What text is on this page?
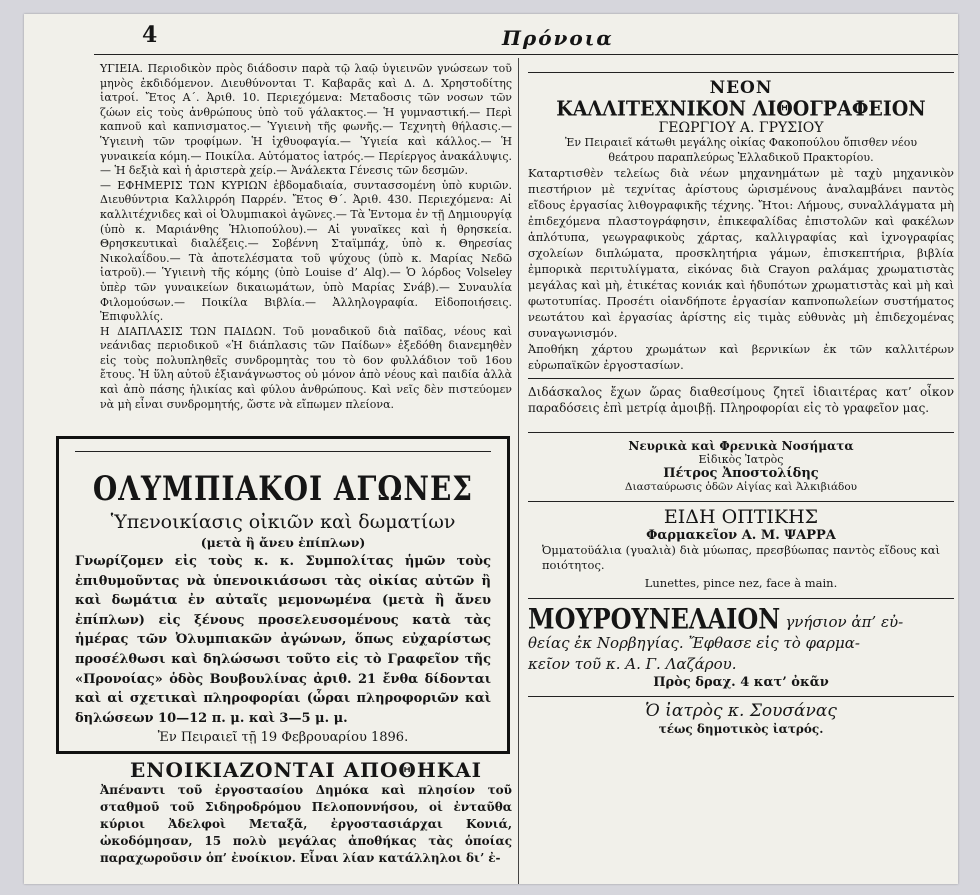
4	Πρόνοια

ΥΓΙΕΙΑ. Περιοδικὸν πρὸς διάδοσιν παρὰ τῷ λαῷ ὑγιεινῶν γνώσεων τοῦ μηνὸς ἐκδιδόμενον. Διευθύνονται Τ. Καβαρᾶς καὶ Δ. Δ. Χρηστοδίτης ἰατροί. Ἔτος Α΄. Ἀριθ. 10. Περιεχόμενα: Μεταδοσις τῶν νοσων τῶν ζώων εἰς τοὺς ἀνθρώπους ὑπὸ τοῦ γάλακτος.— Ἡ γυμναστική.— Περὶ καπνοῦ καὶ καπνισματος.— Ὑγιεινὴ τῆς φωνῆς.— Τεχνητὴ θήλασις.— Ὑγιεινὴ τῶν τροφίμων. Ἡ ἰχθυοφαγία.— Ὑγιεία καὶ κάλλος.— Ἡ γυναικεία κόμη.— Ποικίλα. Αὐτόματος ἰατρός.— Περίεργος ἀνακάλυψις.— Ἡ δεξιὰ καὶ ἡ ἀριστερὰ χείρ.— Ἀνάλεκτα Γένεσις τῶν δεσμῶν.

— ΕΦΗΜΕΡΙΣ ΤΩΝ ΚΥΡΙΩΝ ἑβδομαδιαία, συντασσομένη ὑπὸ κυριῶν. Διευθύντρια Καλλιρρόη Παρρέν. Ἔτος Θ΄. Ἀριθ. 430. Περιεχόμενα: Αἱ καλλιτέχνιδες καὶ οἱ Ὀλυμπιακοὶ ἀγῶνες.— Τὰ Ἐντομα ἐν τῇ Δημιουργίᾳ (ὑπὸ κ. Μαριάνθης Ἡλιοπούλου).— Αἱ γυναῖκες καὶ ἡ θρησκεία. Θρησκευτικαὶ διαλέξεις.— Σοβέννη Σταϊμπάχ, ὑπὸ κ. Θηρεσίας Νικολαΐδου.— Τὰ ἀποτελέσματα τοῦ ψύχους (ὑπὸ κ. Μαρίας Νεδῶ ἰατροῦ).— Ὑγιεινὴ τῆς κόμης (ὑπὸ Louise d’ Alq).— Ὁ λόρδος Volseley ὑπὲρ τῶν γυναικείων δικαιωμάτων, ὑπὸ Μαρίας Σνάβ).— Συναυλία Φιλομούσων.— Ποικίλα Βιβλία.— Ἀλληλογραφία. Εἰδοποιήσεις. Ἐπιφυλλίς.

Η ΔΙΑΠΛΑΣΙΣ ΤΩΝ ΠΑΙΔΩΝ. Τοῦ μοναδικοῦ διὰ παῖδας, νέους καὶ νεάνιδας περιοδικοῦ «Ἡ διάπλασις τῶν Παίδων» ἐξεδόθη διανεμηθὲν εἰς τοὺς πολυπληθεῖς συνδρομητὰς του τὸ 6ον φυλλάδιον τοῦ 16ου ἔτους. Ἡ ὕλη αὐτοῦ ἐξιανάγνωστος οὐ μόνον ἀπὸ νέους καὶ παιδία ἀλλὰ καὶ ἀπὸ πάσης ἡλικίας καὶ φύλου ἀνθρώπους. Καὶ νεῖς δὲν πιστεύομεν νὰ μὴ εἶναι συνδρομητής, ὥστε νὰ εἴπωμεν πλείονα.

ΟΛΥΜΠΙΑΚΟΙ ΑΓΩΝΕΣ
Ὑπενοικίασις οἰκιῶν καὶ δωματίων
(μετὰ ἢ ἄνευ ἐπίπλων)

Γνωρίζομεν εἰς τοὺς κ. κ. Συμπολίτας ἡμῶν τοὺς ἐπιθυμοῦντας νὰ ὑπενοικιάσωσι τὰς οἰκίας αὐτῶν ἢ καὶ δωμάτια ἐν αὐταῖς μεμονωμένα (μετὰ ἢ ἄνευ ἐπίπλων) εἰς ξένους προσελευσομένους κατὰ τὰς ἡμέρας τῶν Ὀλυμπιακῶν ἀγώνων, ὅπως εὐχαρίστως προσέλθωσι καὶ δηλώσωσι τοῦτο εἰς τὸ Γραφεῖον τῆς «Προνοίας» ὁδὸς Βουβουλίνας ἀριθ. 21 ἔνθα δίδονται καὶ αἱ σχετικαὶ πληροφορίαι (ὧραι πληροφοριῶν καὶ δηλώσεων 10—12 π. μ. καὶ 3—5 μ. μ.

Ἐν Πειραιεῖ τῇ 19 Φεβρουαρίου 1896.

ΕΝΟΙΚΙΑΖΟΝΤΑΙ ΑΠΟΘΗΚΑΙ

Ἀπέναντι τοῦ ἐργοστασίου Δημόκα καὶ πλησίον τοῦ σταθμοῦ τοῦ Σιδηροδρόμου Πελοποννήσου, οἱ ἐνταῦθα κύριοι Ἀδελφοὶ Μεταξᾶ, ἐργοστασιάρχαι Κονιά, ὠκοδόμησαν, 15 πολὺ μεγάλας ἀποθήκας τὰς ὁποίας παραχωροῦσιν ὁπ’ ἐνοίκιον. Εἶναι λίαν κατάλληλοι διʼ ἐ-

ΝΕΟΝ
ΚΑΛΛΙΤΕΧΝΙΚΟΝ ΛΙΘΟΓΡΑΦΕΙΟΝ
ΓΕΩΡΓΙΟΥ Α. ΓΡΥΣΙΟΥ

Ἐν Πειραιεῖ κάτωθι μεγάλης οἰκίας Φακοπούλου ὄπισθεν νέου θεάτρου παραπλεύρως Ἑλλαδικοῦ Πρακτορίου.

Καταρτισθὲν τελείως διὰ νέων μηχανημάτων μὲ ταχὺ μηχανικὸν πιεστήριον μὲ τεχνίτας ἀρίστους ὡρισμένους ἀναλαμβάνει παντὸς εἴδους ἐργασίας λιθογραφικῆς τέχνης. Ἤτοι: Λήμους, συναλλάγματα μὴ ἐπιδεχόμενα πλαστογράφησιν, ἐπικεφαλίδας ἐπιστολῶν καὶ φακέλων ἁπλότυπα, γεωγραφικοὺς χάρτας, καλλιγραφίας καὶ ἰχνογραφίας σχολείων διπλώματα, προσκλητήρια γάμων, ἐπισκεπτήρια, βιβλία ἐμπορικὰ περιτυλίγματα, εἰκόνας διὰ Crayon ραλάμας χρωματιστὰς μεγάλας καὶ μὴ, ἐτικέτας κονιάκ καὶ ἡδυπότων χρωματιστὰς καὶ μὴ καὶ φωτοτυπίας. Προσέτι οἱανδήποτε ἐργασίαν καπνοπωλείων συστήματος νεωτάτου καὶ ἐργασίας ἀρίστης εἰς τιμὰς εὐθυνὰς μὴ ἐπιδεχομένας συναγωνισμόν.

Ἀποθήκη χάρτου χρωμάτων καὶ βερνικίων ἐκ τῶν καλλιτέρων εὐρωπαϊκῶν ἐργοστασίων.

Διδάσκαλος ἔχων ὥρας διαθεσίμους ζητεῖ ἰδιαιτέρας κατ’ οἶκον παραδόσεις ἐπὶ μετρίᾳ ἀμοιβῇ. Πληροφορίαι εἰς τὸ γραφεῖον μας.

Νευρικὰ καὶ Φρενικὰ Νοσήματα
Εἰδικὸς Ἰατρὸς
Πέτρος Ἀποστολίδης
Διασταύρωσις ὁδῶν Αἰγίας καὶ Ἀλκιβιάδου
ΕΙΔΗ ΟΠΤΙΚΗΣ
Φαρμακεῖον Α. Μ. ΨΑΡΡΑ

Ὀμματοϋάλια (γυαλιὰ) διὰ μύωπας, πρεσβύωπας παντὸς εἴδους καὶ ποιότητος.

Lunettes, pince nez, face à main.

ΜΟΥΡΟΥΝΕΛΑΙΟΝ γνήσιον ἀπ’ εὐ-
θείας ἐκ Νορβηγίας. Ἔφθασε εἰς τὸ φαρμα-
κεῖον τοῦ κ. Α. Γ. Λαζάρου.
Πρὸς δραχ. 4 κατ’ ὀκᾶν
Ὁ ἰατρὸς κ. Σουσάνας
τέως δημοτικὸς ἰατρός.
